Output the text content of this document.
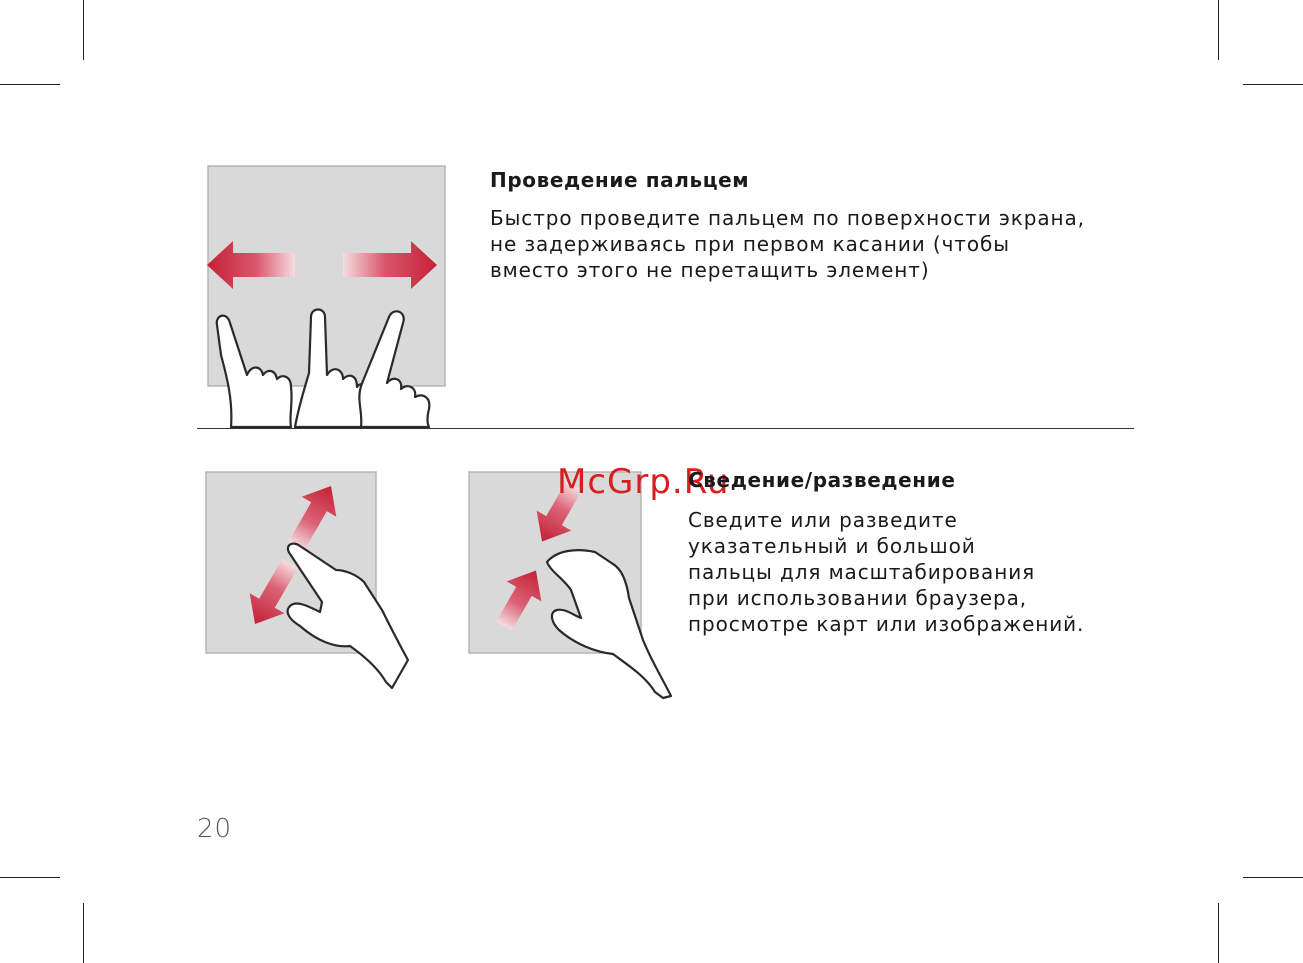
Проведение пальцем
Быстро проведите пальцем по поверхности экрана,
не задерживаясь при первом касании (чтобы
вместо этого не перетащить элемент)
McGrp.Ru
Сведение/разведение
Сведите или разведите
указательный и большой
пальцы для масштабирования
при использовании браузера,
просмотре карт или изображений.
20
